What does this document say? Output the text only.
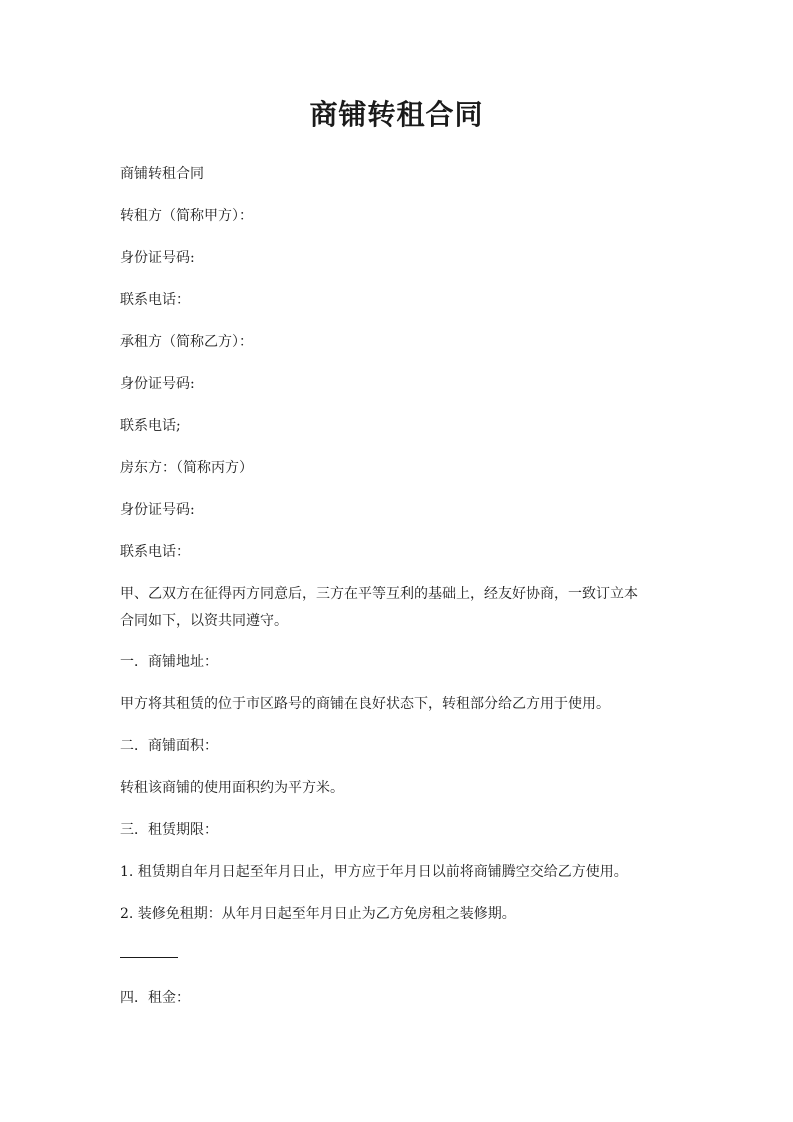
商铺转租合同

商铺转租合同

转租方（简称甲方）：

身份证号码:

联系电话：

承租方（简称乙方）：

身份证号码:

联系电话;

房东方：（简称丙方）

身份证号码:

联系电话：

甲、乙双方在征得丙方同意后，三方在平等互利的基础上，经友好协商，一致订立本
合同如下，以资共同遵守。

一．商铺地址：

甲方将其租赁的位于市区路号的商铺在良好状态下，转租部分给乙方用于使用。

二．商铺面积：

转租该商铺的使用面积约为平方米。

三．租赁期限：

1. 租赁期自年月日起至年月日止，甲方应于年月日以前将商铺腾空交给乙方使用。

2. 装修免租期：从年月日起至年月日止为乙方免房租之装修期。

四．租金：
